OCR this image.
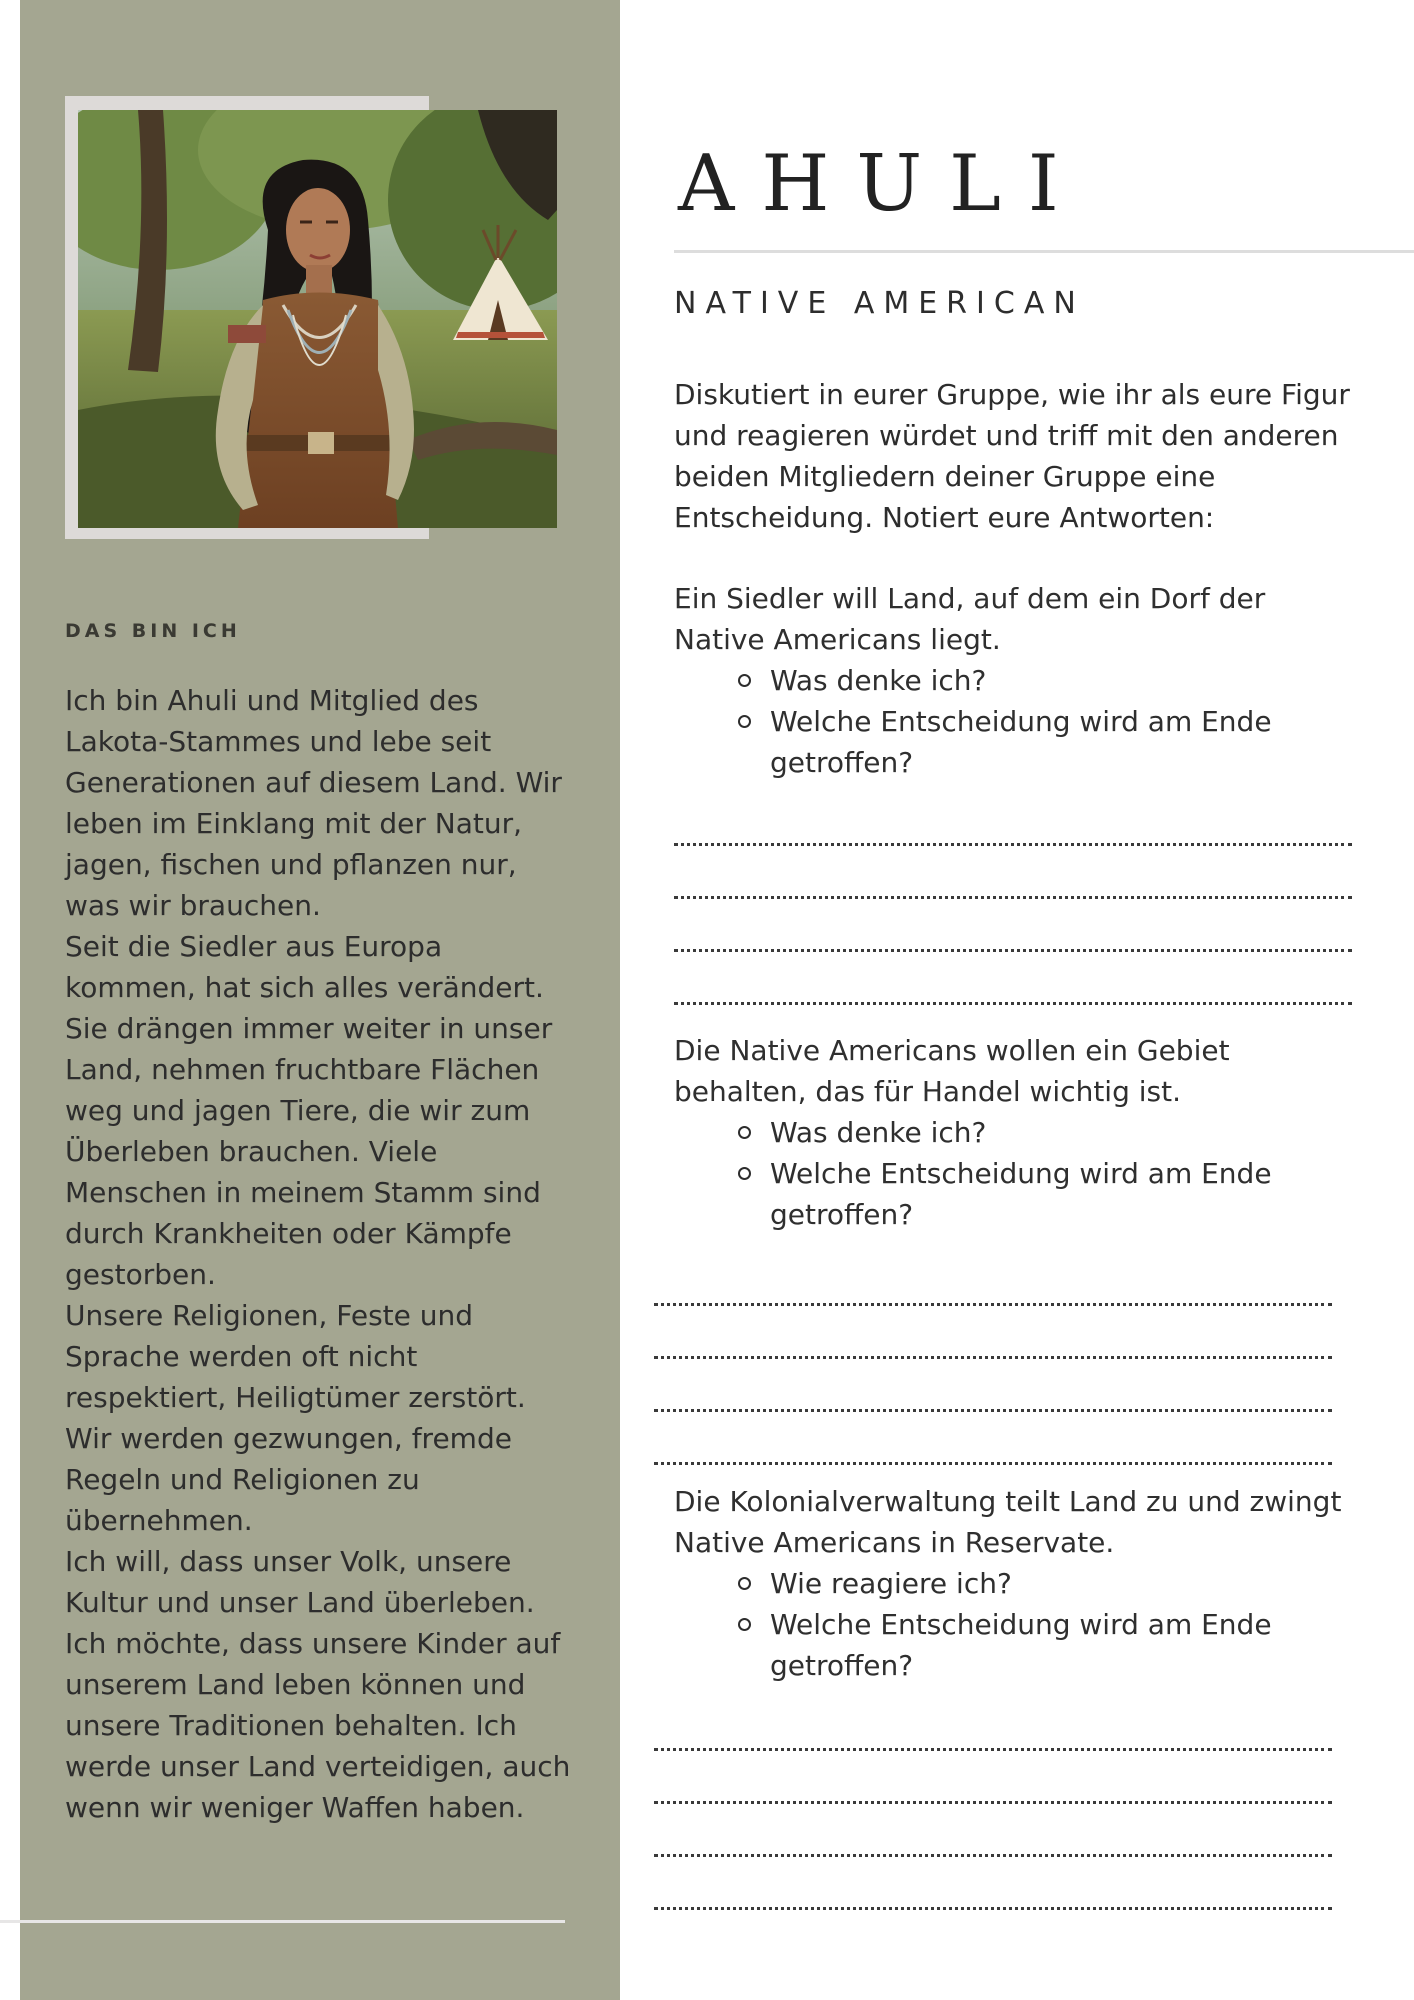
DAS BIN ICH

Ich bin Ahuli und Mitglied des Lakota-Stammes und lebe seit Generationen auf diesem Land. Wir leben im Einklang mit der Natur, jagen, fischen und pflanzen nur, was wir brauchen.

Seit die Siedler aus Europa kommen, hat sich alles verändert. Sie drängen immer weiter in unser Land, nehmen fruchtbare Flächen weg und jagen Tiere, die wir zum Überleben brauchen. Viele Menschen in meinem Stamm sind durch Krankheiten oder Kämpfe gestorben.

Unsere Religionen, Feste und Sprache werden oft nicht respektiert, Heiligtümer zerstört. Wir werden gezwungen, fremde Regeln und Religionen zu übernehmen.

Ich will, dass unser Volk, unsere Kultur und unser Land überleben. Ich möchte, dass unsere Kinder auf unserem Land leben können und unsere Traditionen behalten. Ich werde unser Land verteidigen, auch wenn wir weniger Waffen haben.

AHULI

NATIVE AMERICAN

Diskutiert in eurer Gruppe, wie ihr als eure Figur und reagieren würdet und triff mit den anderen beiden Mitgliedern deiner Gruppe eine Entscheidung. Notiert eure Antworten:

Ein Siedler will Land, auf dem ein Dorf der Native Americans liegt.

Was denke ich?
Welche Entscheidung wird am Ende getroffen?

Die Native Americans wollen ein Gebiet behalten, das für Handel wichtig ist.

Was denke ich?
Welche Entscheidung wird am Ende getroffen?

Die Kolonialverwaltung teilt Land zu und zwingt Native Americans in Reservate.

Wie reagiere ich?
Welche Entscheidung wird am Ende getroffen?
